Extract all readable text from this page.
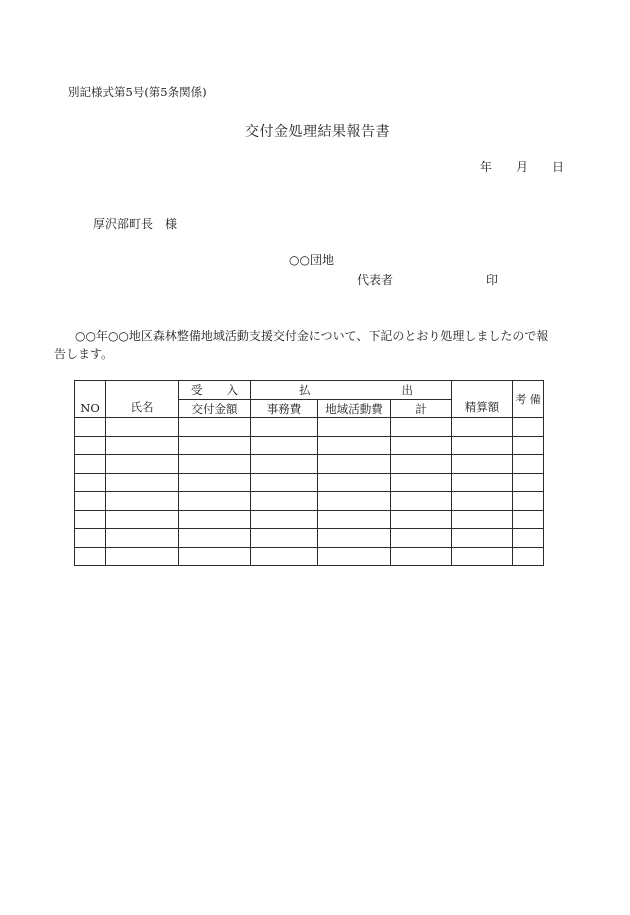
別記様式第5号(第5条関係)
交付金処理結果報告書
年 月 日
厚沢部町長　様
○○団地
代表者	印
○○年○○地区森林整備地域活動支援交付金について、下記のとおり処理しましたので報
告します。
NO	氏名	受 入	払 出			精算額	考 備
		交付金額	事務費	地域活動費	計		
